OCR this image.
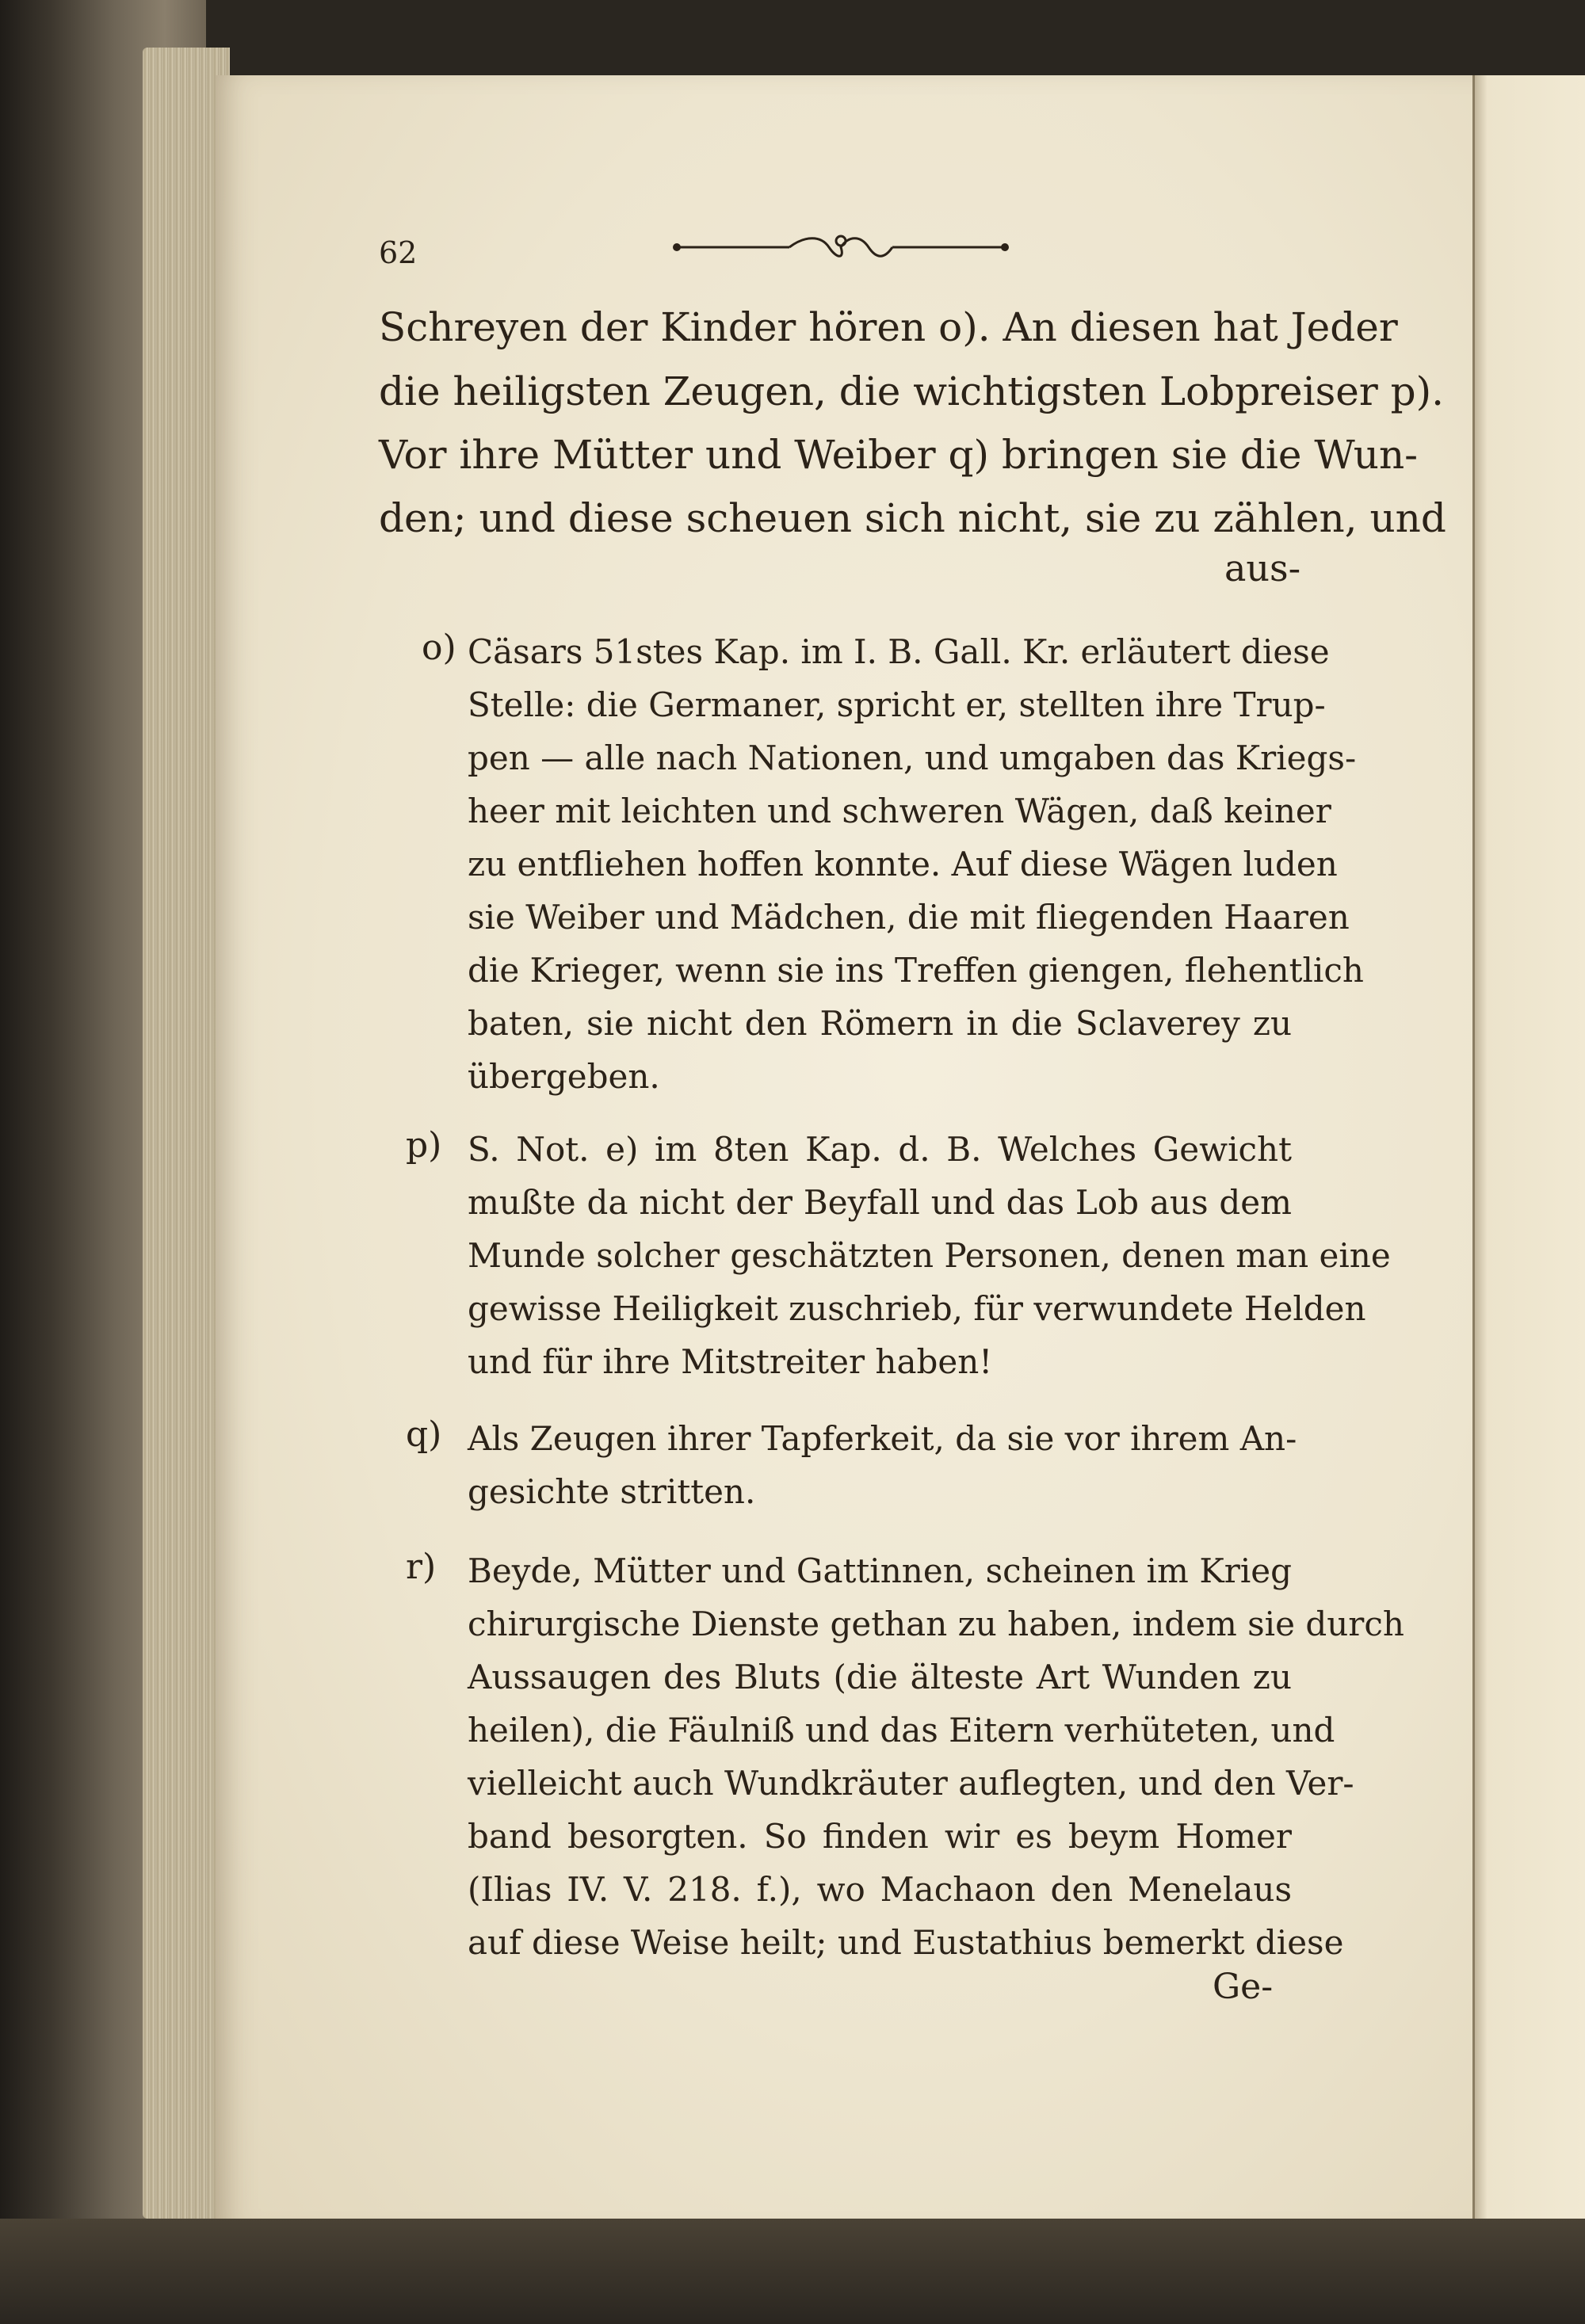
62
Schreyen der Kinder hören o). An diesen hat Jeder
die heiligsten Zeugen, die wichtigsten Lobpreiser p).
Vor ihre Mütter und Weiber q) bringen sie die Wun-
den; und diese scheuen sich nicht, sie zu zählen, und
aus-
o) Cäsars 51stes Kap. im I. B. Gall. Kr. erläutert diese
Stelle: die Germaner, spricht er, stellten ihre Trup-
pen — alle nach Nationen, und umgaben das Kriegs-
heer mit leichten und schweren Wägen, daß keiner
zu entfliehen hoffen konnte. Auf diese Wägen luden
sie Weiber und Mädchen, die mit fliegenden Haaren
die Krieger, wenn sie ins Treffen giengen, flehentlich
baten, sie nicht den Römern in die Sclaverey zu
übergeben.
p) S. Not. e) im 8ten Kap. d. B. Welches Gewicht
mußte da nicht der Beyfall und das Lob aus dem
Munde solcher geschätzten Personen, denen man eine
gewisse Heiligkeit zuschrieb, für verwundete Helden
und für ihre Mitstreiter haben!
q) Als Zeugen ihrer Tapferkeit, da sie vor ihrem An-
gesichte stritten.
r) Beyde, Mütter und Gattinnen, scheinen im Krieg
chirurgische Dienste gethan zu haben, indem sie durch
Aussaugen des Bluts (die älteste Art Wunden zu
heilen), die Fäulniß und das Eitern verhüteten, und
vielleicht auch Wundkräuter auflegten, und den Ver-
band besorgten. So finden wir es beym Homer
(Ilias IV. V. 218. f.), wo Machaon den Menelaus
auf diese Weise heilt; und Eustathius bemerkt diese
Ge-
